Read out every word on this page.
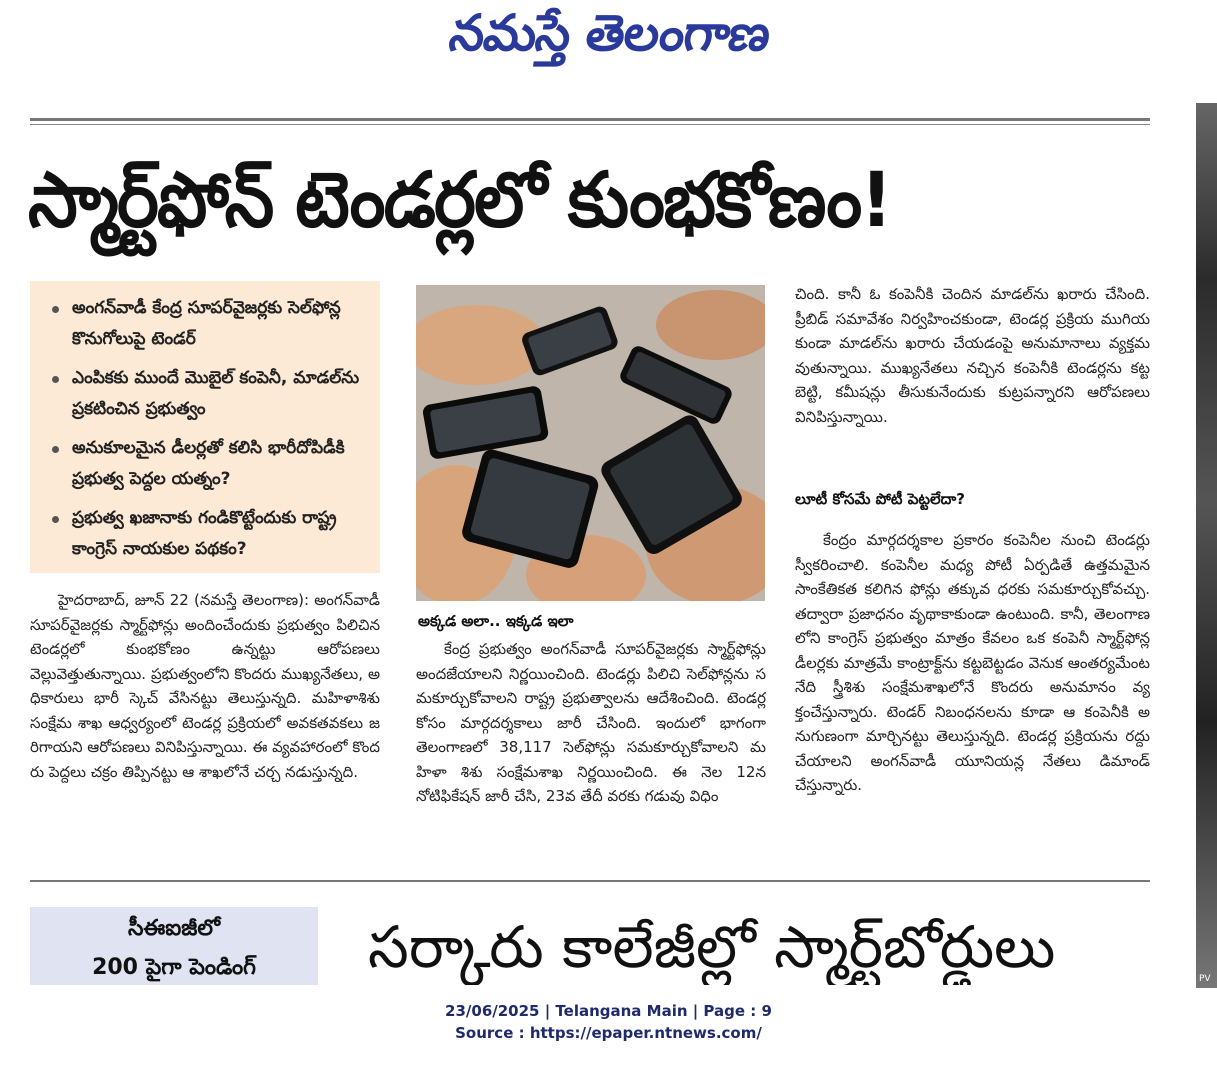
నమస్తే తెలంగాణ
స్మార్ట్‌ఫోన్ టెండర్లలో కుంభకోణం!
అంగన్‌వాడీ కేంద్ర సూపర్‌వైజర్లకు సెల్‌ఫోన్ల కొనుగోలుపై టెండర్
ఎంపికకు ముందే మొబైల్ కంపెనీ, మాడల్‌ను ప్రకటించిన ప్రభుత్వం
అనుకూలమైన డీలర్లతో కలిసి భారీదోపిడీకి ప్రభుత్వ పెద్దల యత్నం?
ప్రభుత్వ ఖజానాకు గండికొట్టేందుకు రాష్ట్ర కాంగ్రెస్ నాయకుల పథకం?

హైదరాబాద్, జూన్ 22 (నమస్తే తెలంగాణ): అంగన్‌వాడీ సూపర్‌వైజర్లకు స్మార్ట్‌ఫోన్లు అందించేందుకు ప్రభుత్వం పిలిచిన టెండర్లలో కుంభకోణం ఉన్నట్టు ఆరోపణలు వెల్లువెత్తుతున్నాయి. ప్రభుత్వంలోని కొందరు ముఖ్యనేతలు, అధికారులు భారీ స్కెచ్ వేసినట్టు తెలుస్తున్నది. మహిళాశిశు సంక్షేమ శాఖ ఆధ్వర్యంలో టెండర్ల ప్రక్రియలో అవకతవకలు జరిగాయని ఆరోపణలు వినిపిస్తున్నాయి. ఈ వ్యవహారంలో కొందరు పెద్దలు చక్రం తిప్పినట్టు ఆ శాఖలోనే చర్చ నడుస్తున్నది.

అక్కడ అలా.. ఇక్కడ ఇలా

కేంద్ర ప్రభుత్వం అంగన్‌వాడీ సూపర్‌వైజర్లకు స్మార్ట్‌ఫోన్లు అందజేయాలని నిర్ణయించింది. టెండర్లు పిలిచి సెల్‌ఫోన్లను సమకూర్చుకోవాలని రాష్ట్ర ప్రభుత్వాలను ఆదేశించింది. టెండర్ల కోసం మార్గదర్శకాలు జారీ చేసింది. ఇందులో భాగంగా తెలంగాణలో 38,117 సెల్‌ఫోన్లు సమకూర్చుకోవాలని మహిళా శిశు సంక్షేమశాఖ నిర్ణయించింది. ఈ నెల 12న నోటిఫికేషన్ జారీ చేసి, 23వ తేదీ వరకు గడువు విధిం

చింది. కానీ ఓ కంపెనీకి చెందిన మాడల్‌ను ఖరారు చేసింది. ప్రీబిడ్ సమావేశం నిర్వహించకుండా, టెండర్ల ప్రక్రియ ముగియకుండా మాడల్‌ను ఖరారు చేయడంపై అనుమానాలు వ్యక్తమవుతున్నాయి. ముఖ్యనేతలు నచ్చిన కంపెనీకి టెండర్లను కట్టబెట్టి, కమీషన్లు తీసుకునేందుకు కుట్రపన్నారని ఆరోపణలు వినిపిస్తున్నాయి.

లూటీ కోసమే పోటీ పెట్టలేదా?

కేంద్రం మార్గదర్శకాల ప్రకారం కంపెనీల నుంచి టెండర్లు స్వీకరించాలి. కంపెనీల మధ్య పోటీ ఏర్పడితే ఉత్తమమైన సాంకేతికత కలిగిన ఫోన్లు తక్కువ ధరకు సమకూర్చుకోవచ్చు. తద్వారా ప్రజాధనం వృథాకాకుండా ఉంటుంది. కానీ, తెలంగాణలోని కాంగ్రెస్ ప్రభుత్వం మాత్రం కేవలం ఒక కంపెనీ స్మార్ట్‌ఫోన్ల డీలర్లకు మాత్రమే కాంట్రాక్ట్‌ను కట్టబెట్టడం వెనుక ఆంతర్యమేంటనేది స్త్రీశిశు సంక్షేమశాఖలోనే కొందరు అనుమానం వ్యక్తంచేస్తున్నారు. టెండర్ నిబంధనలను కూడా ఆ కంపెనీకి అనుగుణంగా మార్చినట్టు తెలుస్తున్నది. టెండర్ల ప్రక్రియను రద్దు చేయాలని అంగన్‌వాడీ యూనియన్ల నేతలు డిమాండ్ చేస్తున్నారు.

సీఈఐజీలో
200 పైగా పెండింగ్	సర్కారు కాలేజీల్లో స్మార్ట్‌బోర్డులు	PV
23/06/2025 | Telangana Main | Page : 9
Source : https://epaper.ntnews.com/
